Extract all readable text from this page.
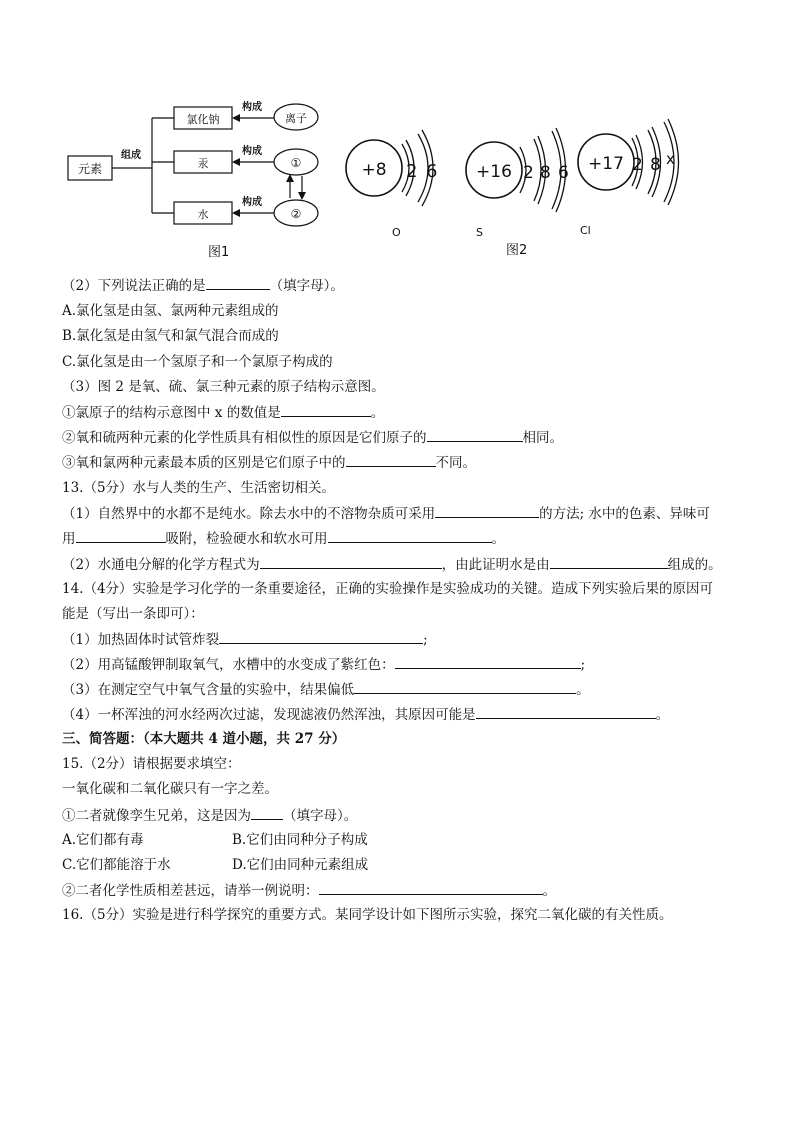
元素
组成
氯化钠
汞
水
离子
①
②
构成
构成
构成
图1
+8 2 6
O
+16 2 8 6
S
+17 2 8 x
Cl
图2
（2）下列说法正确的是	（填字母）。
A.氯化氢是由氢、氯两种元素组成的
B.氯化氢是由氢气和氯气混合而成的
C.氯化氢是由一个氢原子和一个氯原子构成的
（3）图 2 是氧、硫、氯三种元素的原子结构示意图。
①氯原子的结构示意图中 x 的数值是	。
②氧和硫两种元素的化学性质具有相似性的原因是它们原子的	相同。
③氧和氯两种元素最本质的区别是它们原子中的	不同。
13.（5分）水与人类的生产、生活密切相关。
（1）自然界中的水都不是纯水。除去水中的不溶物杂质可采用	的方法; 水中的色素、异味可
用	吸附，检验硬水和软水可用	。
（2）水通电分解的化学方程式为	，由此证明水是由	组成的。
14.（4分）实验是学习化学的一条重要途径，正确的实验操作是实验成功的关键。造成下列实验后果的原因可
能是（写出一条即可）：
（1）加热固体时试管炸裂	;
（2）用高锰酸钾制取氧气，水槽中的水变成了紫红色：	;
（3）在测定空气中氧气含量的实验中，结果偏低	。
（4）一杯浑浊的河水经两次过滤，发现滤液仍然浑浊，其原因可能是	。
三、简答题：（本大题共 4 道小题，共 27 分）
15.（2分）请根据要求填空：
一氧化碳和二氧化碳只有一字之差。
①二者就像孪生兄弟，这是因为 （填字母）。
A.它们都有毒	B.它们由同种分子构成
C.它们都能溶于水	D.它们由同种元素组成
②二者化学性质相差甚远，请举一例说明：	。
16.（5分）实验是进行科学探究的重要方式。某同学设计如下图所示实验，探究二氧化碳的有关性质。
